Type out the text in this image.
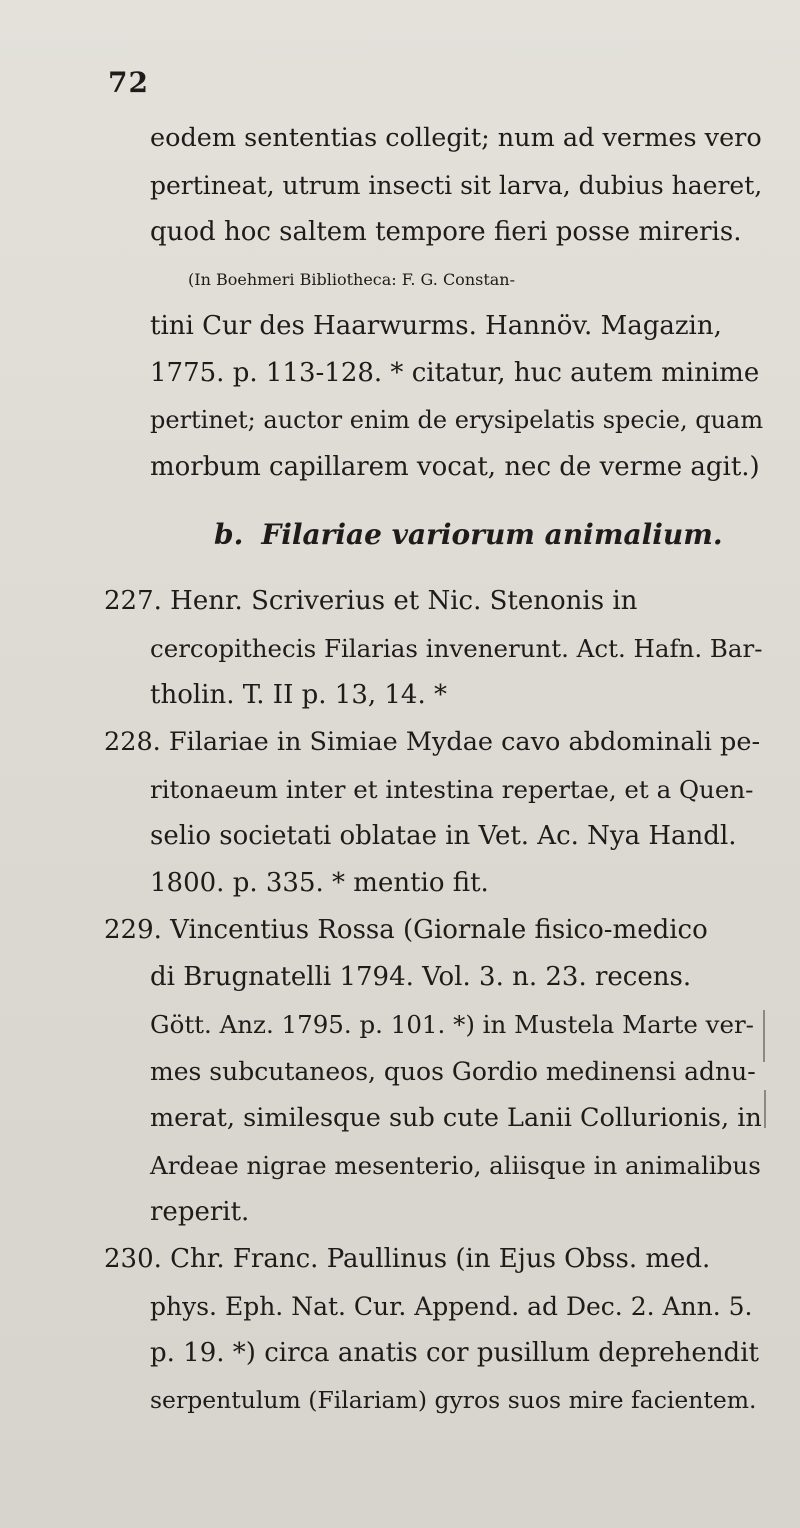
72
eodem sententias collegit; num ad vermes vero
pertineat, utrum insecti sit larva, dubius haeret,
quod hoc saltem tempore fieri posse mireris.
(In Boehmeri Bibliotheca: F. G. Constan-
tini Cur des Haarwurms. Hannöv. Magazin,
1775. p. 113-128. * citatur, huc autem minime
pertinet; auctor enim de erysipelatis specie, quam
morbum capillarem vocat, nec de verme agit.)
b. Filariae variorum animalium.
227. Henr. Scriverius et Nic. Stenonis in
cercopithecis Filarias invenerunt. Act. Hafn. Bar-
tholin. T. II p. 13, 14. *
228. Filariae in Simiae Mydae cavo abdominali pe-
ritonaeum inter et intestina repertae, et a Quen-
selio societati oblatae in Vet. Ac. Nya Handl.
1800. p. 335. * mentio fit.
229. Vincentius Rossa (Giornale fisico-medico
di Brugnatelli 1794. Vol. 3. n. 23. recens.
Gött. Anz. 1795. p. 101. *) in Mustela Marte ver-
mes subcutaneos, quos Gordio medinensi adnu-
merat, similesque sub cute Lanii Collurionis, in
Ardeae nigrae mesenterio, aliisque in animalibus
reperit.
230. Chr. Franc. Paullinus (in Ejus Obss. med.
phys. Eph. Nat. Cur. Append. ad Dec. 2. Ann. 5.
p. 19. *) circa anatis cor pusillum deprehendit
serpentulum (Filariam) gyros suos mire facientem.
